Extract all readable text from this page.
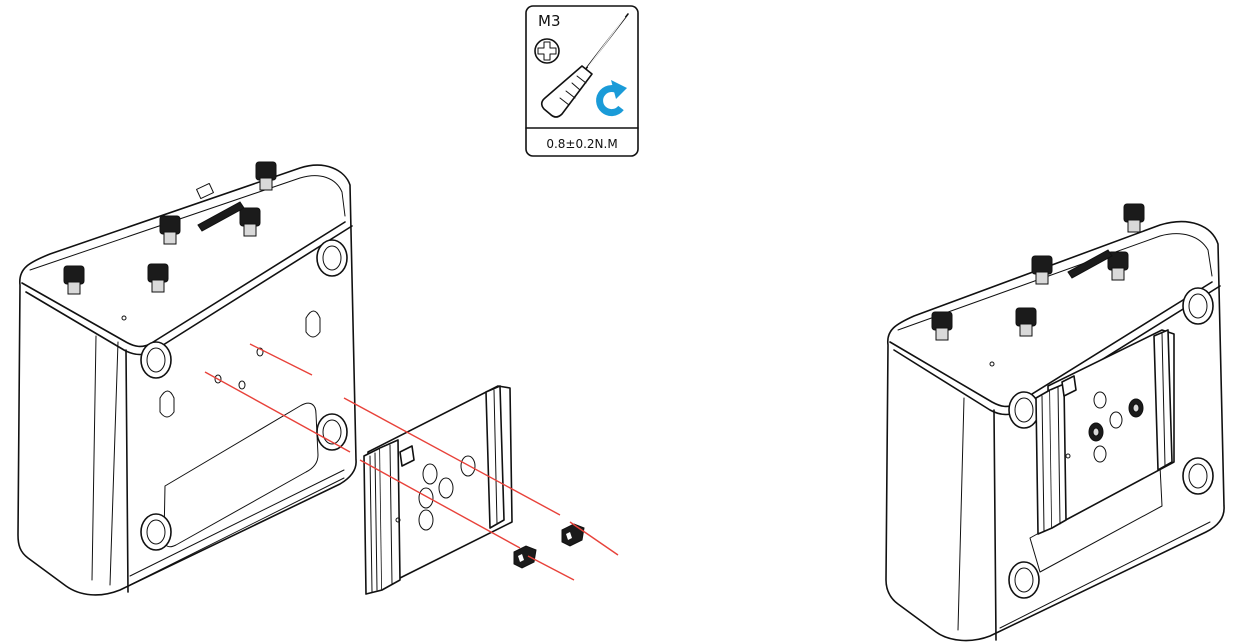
M3
0.8±0.2N.M
